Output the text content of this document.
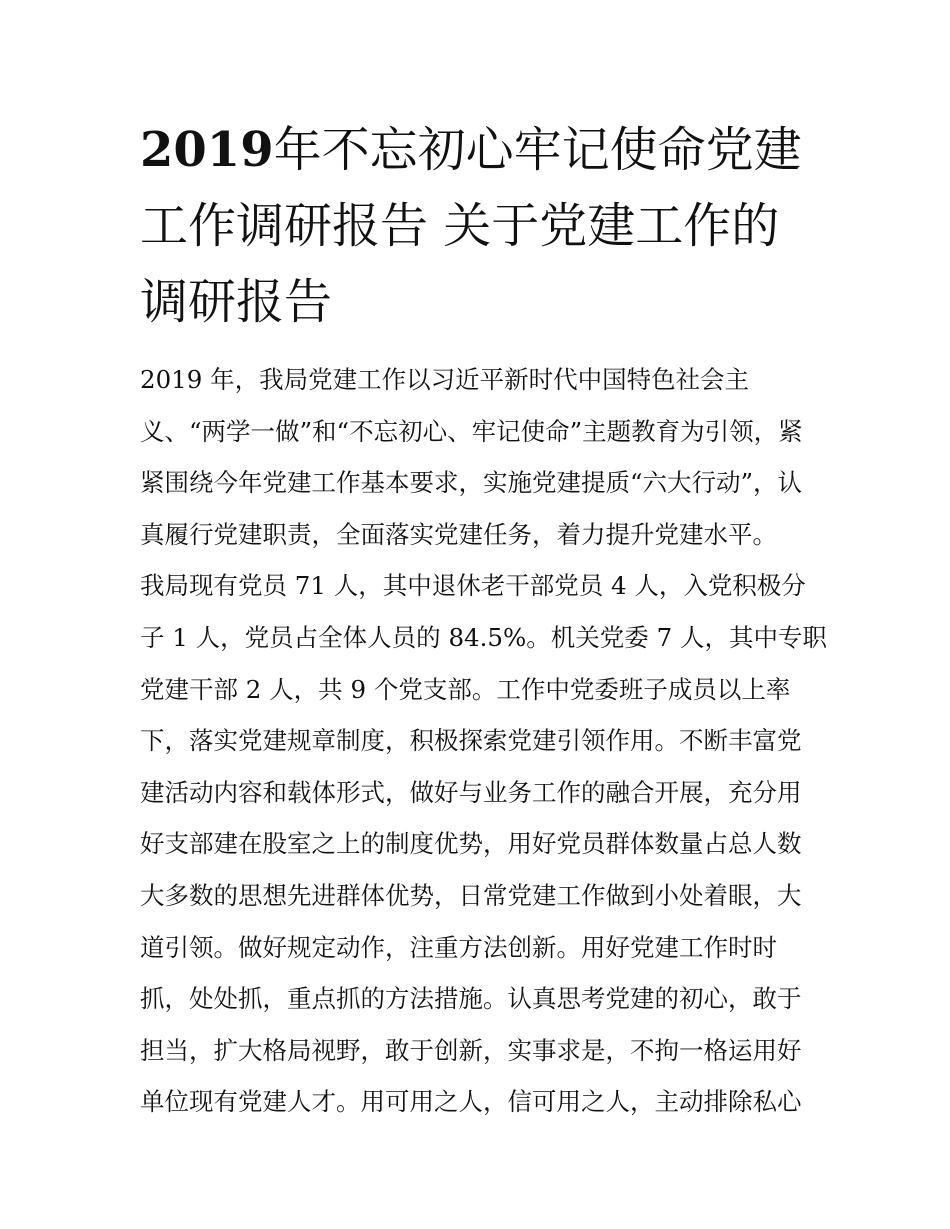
2019年不忘初心牢记使命党建
工作调研报告 关于党建工作的
调研报告
2019 年，我局党建工作以习近平新时代中国特色社会主
义、“两学一做”和“不忘初心、牢记使命”主题教育为引领，紧
紧围绕今年党建工作基本要求，实施党建提质“六大行动”，认
真履行党建职责，全面落实党建任务，着力提升党建水平。
我局现有党员 71 人，其中退休老干部党员 4 人，入党积极分
子 1 人，党员占全体人员的 84.5%。机关党委 7 人，其中专职
党建干部 2 人，共 9 个党支部。工作中党委班子成员以上率
下，落实党建规章制度，积极探索党建引领作用。不断丰富党
建活动内容和载体形式，做好与业务工作的融合开展，充分用
好支部建在股室之上的制度优势，用好党员群体数量占总人数
大多数的思想先进群体优势，日常党建工作做到小处着眼，大
道引领。做好规定动作，注重方法创新。用好党建工作时时
抓，处处抓，重点抓的方法措施。认真思考党建的初心，敢于
担当，扩大格局视野，敢于创新，实事求是，不拘一格运用好
单位现有党建人才。用可用之人，信可用之人，主动排除私心
